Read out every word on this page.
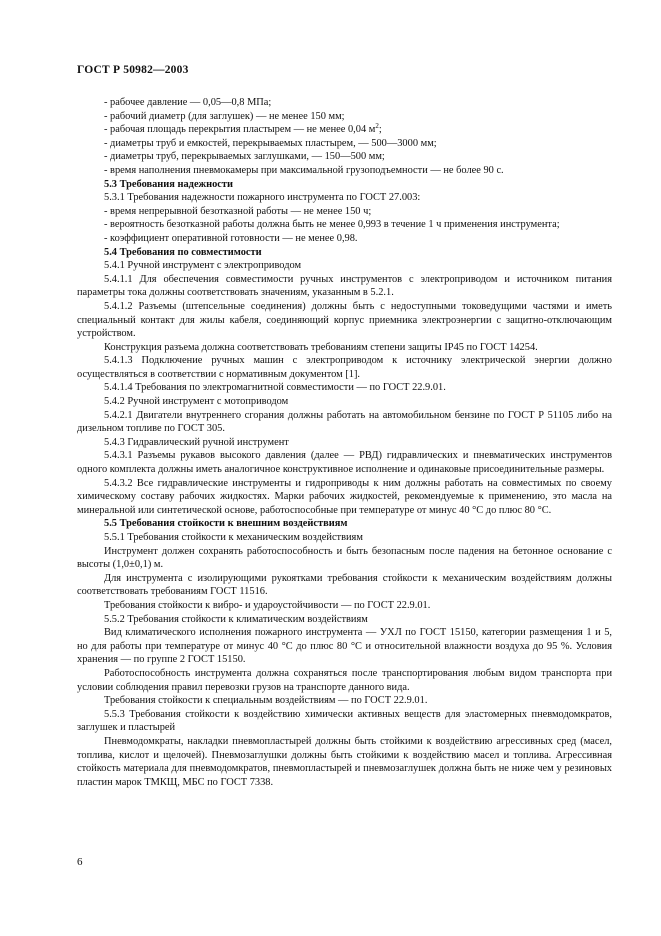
ГОСТ Р 50982—2003

- рабочее давление — 0,05—0,8 МПа;

- рабочий диаметр (для заглушек) — не менее 150 мм;

- рабочая площадь перекрытия пластырем — не менее 0,04 $м^2$;

- диаметры труб и емкостей, перекрываемых пластырем, — 500—3000 мм;

- диаметры труб, перекрываемых заглушками, — 150—500 мм;

- время наполнения пневмокамеры при максимальной грузоподъемности — не более 90 с.

5.3 Требования надежности

5.3.1 Требования надежности пожарного инструмента по ГОСТ 27.003:

- время непрерывной безотказной работы — не менее 150 ч;

- вероятность безотказной работы должна быть не менее 0,993 в течение 1 ч применения инструмента;

- коэффициент оперативной готовности — не менее 0,98.

5.4 Требования по совместимости

5.4.1 Ручной инструмент с электроприводом

5.4.1.1 Для обеспечения совместимости ручных инструментов с электроприводом и источником питания параметры тока должны соответствовать значениям, указанным в 5.2.1.

5.4.1.2 Разъемы (штепсельные соединения) должны быть с недоступными токоведущими частями и иметь специальный контакт для жилы кабеля, соединяющий корпус приемника электроэнергии с защитно-отключающим устройством.

Конструкция разъема должна соответствовать требованиям степени защиты IP45 по ГОСТ 14254.

5.4.1.3 Подключение ручных машин с электроприводом к источнику электрической энергии должно осуществляться в соответствии с нормативным документом [1].

5.4.1.4 Требования по электромагнитной совместимости — по ГОСТ 22.9.01.

5.4.2 Ручной инструмент с мотоприводом

5.4.2.1 Двигатели внутреннего сгорания должны работать на автомобильном бензине по ГОСТ Р 51105 либо на дизельном топливе по ГОСТ 305.

5.4.3 Гидравлический ручной инструмент

5.4.3.1 Разъемы рукавов высокого давления (далее — РВД) гидравлических и пневматических инструментов одного комплекта должны иметь аналогичное конструктивное исполнение и одинаковые присоединительные размеры.

5.4.3.2 Все гидравлические инструменты и гидроприводы к ним должны работать на совместимых по своему химическому составу рабочих жидкостях. Марки рабочих жидкостей, рекомендуемые к применению, это масла на минеральной или синтетической основе, работоспособные при температуре от минус 40 °С до плюс 80 °С.

5.5 Требования стойкости к внешним воздействиям

5.5.1 Требования стойкости к механическим воздействиям

Инструмент должен сохранять работоспособность и быть безопасным после падения на бетонное основание с высоты (1,0±0,1) м.

Для инструмента с изолирующими рукоятками требования стойкости к механическим воздействиям должны соответствовать требованиям ГОСТ 11516.

Требования стойкости к вибро- и удароустойчивости — по ГОСТ 22.9.01.

5.5.2 Требования стойкости к климатическим воздействиям

Вид климатического исполнения пожарного инструмента — УХЛ по ГОСТ 15150, категории размещения 1 и 5, но для работы при температуре от минус 40 °С до плюс 80 °С и относительной влажности воздуха до 95 %. Условия хранения — по группе 2 ГОСТ 15150.

Работоспособность инструмента должна сохраняться после транспортирования любым видом транспорта при условии соблюдения правил перевозки грузов на транспорте данного вида.

Требования стойкости к специальным воздействиям — по ГОСТ 22.9.01.

5.5.3 Требования стойкости к воздействию химически активных веществ для эластомерных пневмодомкратов, заглушек и пластырей

Пневмодомкраты, накладки пневмопластырей должны быть стойкими к воздействию агрессивных сред (масел, топлива, кислот и щелочей). Пневмозаглушки должны быть стойкими к воздействию масел и топлива. Агрессивная стойкость материала для пневмодомкратов, пневмопластырей и пневмозаглушек должна быть не ниже чем у резиновых пластин марок ТМКЩ, МБС по ГОСТ 7338.

6
